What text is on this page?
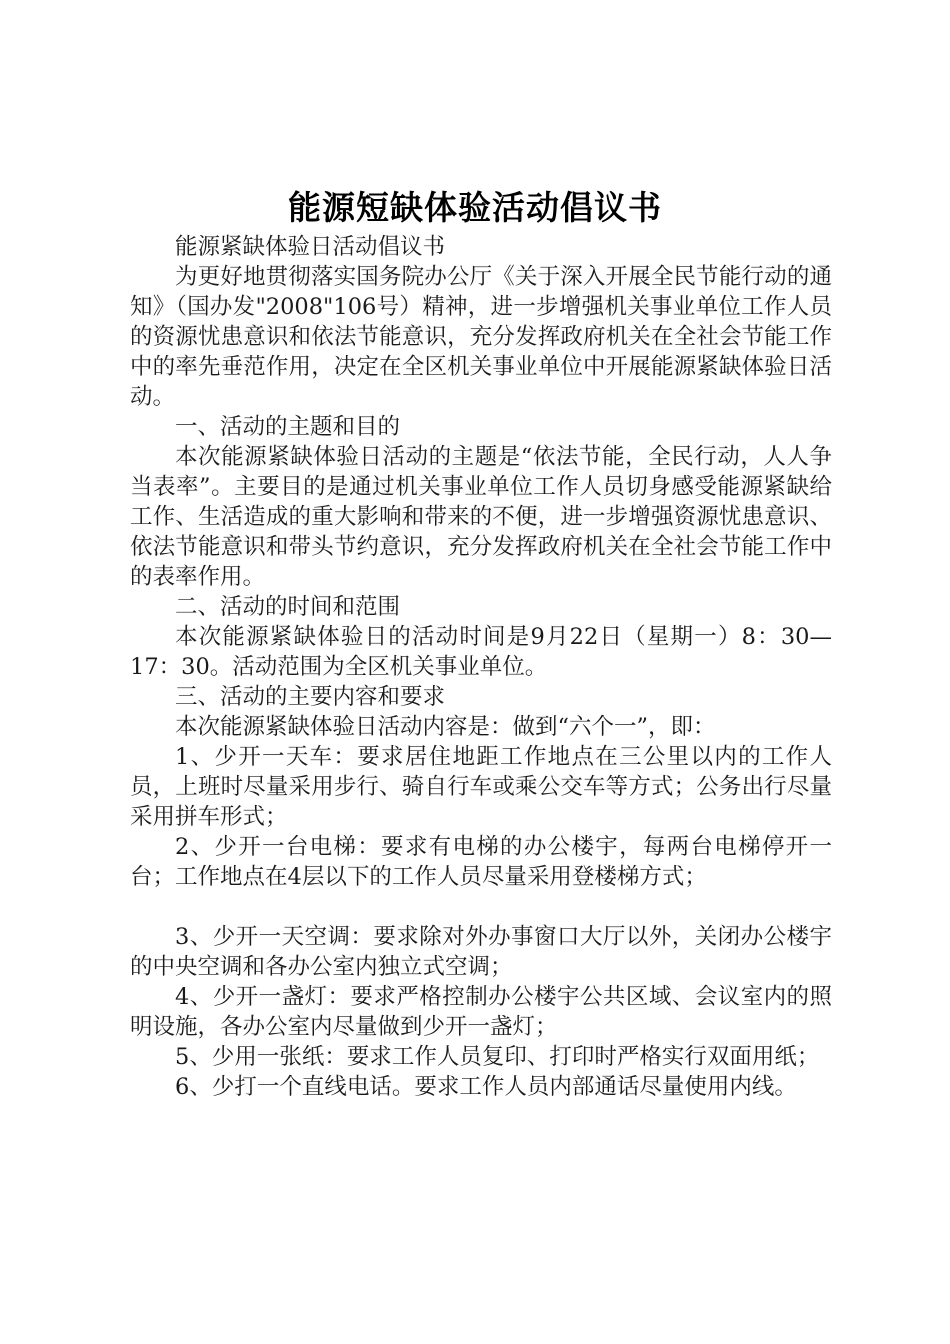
能源短缺体验活动倡议书

能源紧缺体验日活动倡议书

为更好地贯彻落实国务院办公厅《关于深入开展全民节能行动的通知》（国办发"2008"106号）精神，进一步增强机关事业单位工作人员的资源忧患意识和依法节能意识，充分发挥政府机关在全社会节能工作中的率先垂范作用，决定在全区机关事业单位中开展能源紧缺体验日活动。

一、活动的主题和目的

本次能源紧缺体验日活动的主题是“依法节能，全民行动，人人争当表率”。主要目的是通过机关事业单位工作人员切身感受能源紧缺给工作、生活造成的重大影响和带来的不便，进一步增强资源忧患意识、依法节能意识和带头节约意识，充分发挥政府机关在全社会节能工作中的表率作用。

二、活动的时间和范围

本次能源紧缺体验日的活动时间是9月22日（星期一）8：30—17：30。活动范围为全区机关事业单位。

三、活动的主要内容和要求

本次能源紧缺体验日活动内容是：做到“六个一”，即：

1、少开一天车：要求居住地距工作地点在三公里以内的工作人员，上班时尽量采用步行、骑自行车或乘公交车等方式；公务出行尽量采用拼车形式；

2、少开一台电梯：要求有电梯的办公楼宇，每两台电梯停开一台；工作地点在4层以下的工作人员尽量采用登楼梯方式；

3、少开一天空调：要求除对外办事窗口大厅以外，关闭办公楼宇的中央空调和各办公室内独立式空调；

4、少开一盏灯：要求严格控制办公楼宇公共区域、会议室内的照明设施，各办公室内尽量做到少开一盏灯；

5、少用一张纸：要求工作人员复印、打印时严格实行双面用纸；

6、少打一个直线电话。要求工作人员内部通话尽量使用内线。
